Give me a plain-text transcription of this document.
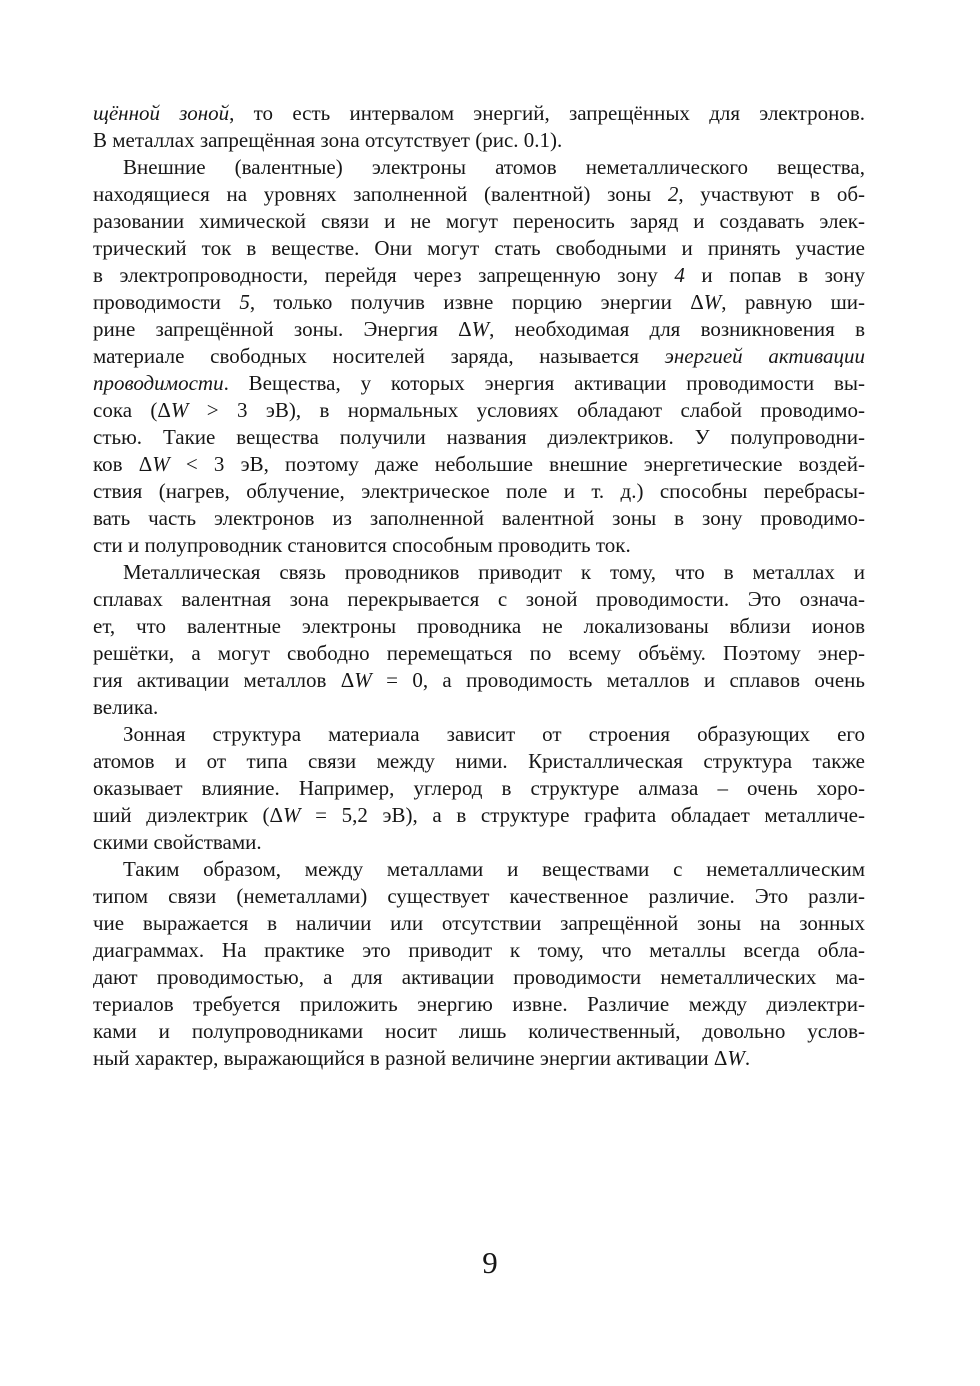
щённой зоной, то есть интервалом энергий, запрещённых для электронов.
В металлах запрещённая зона отсутствует (рис. 0.1).
Внешние (валентные) электроны атомов неметаллического вещества,
находящиеся на уровнях заполненной (валентной) зоны 2, участвуют в об-
разовании химической связи и не могут переносить заряд и создавать элек-
трический ток в веществе. Они могут стать свободными и принять участие
в электропроводности, перейдя через запрещенную зону 4 и попав в зону
проводимости 5, только получив извне порцию энергии ΔW, равную ши-
рине запрещённой зоны. Энергия ΔW, необходимая для возникновения в
материале свободных носителей заряда, называется энергией активации
проводимости. Вещества, у которых энергия активации проводимости вы-
сока (ΔW > 3 эВ), в нормальных условиях обладают слабой проводимо-
стью. Такие вещества получили названия диэлектриков. У полупроводни-
ков ΔW < 3 эВ, поэтому даже небольшие внешние энергетические воздей-
ствия (нагрев, облучение, электрическое поле и т. д.) способны перебрасы-
вать часть электронов из заполненной валентной зоны в зону проводимо-
сти и полупроводник становится способным проводить ток.
Металлическая связь проводников приводит к тому, что в металлах и
сплавах валентная зона перекрывается с зоной проводимости. Это означа-
ет, что валентные электроны проводника не локализованы вблизи ионов
решётки, а могут свободно перемещаться по всему объёму. Поэтому энер-
гия активации металлов ΔW = 0, а проводимость металлов и сплавов очень
велика.
Зонная структура материала зависит от строения образующих его
атомов и от типа связи между ними. Кристаллическая структура также
оказывает влияние. Например, углерод в структуре алмаза – очень хоро-
ший диэлектрик (ΔW = 5,2 эВ), а в структуре графита обладает металличе-
скими свойствами.
Таким образом, между металлами и веществами с неметаллическим
типом связи (неметаллами) существует качественное различие. Это разли-
чие выражается в наличии или отсутствии запрещённой зоны на зонных
диаграммах. На практике это приводит к тому, что металлы всегда обла-
дают проводимостью, а для активации проводимости неметаллических ма-
териалов требуется приложить энергию извне. Различие между диэлектри-
ками и полупроводниками носит лишь количественный, довольно услов-
ный характер, выражающийся в разной величине энергии активации ΔW.
9
